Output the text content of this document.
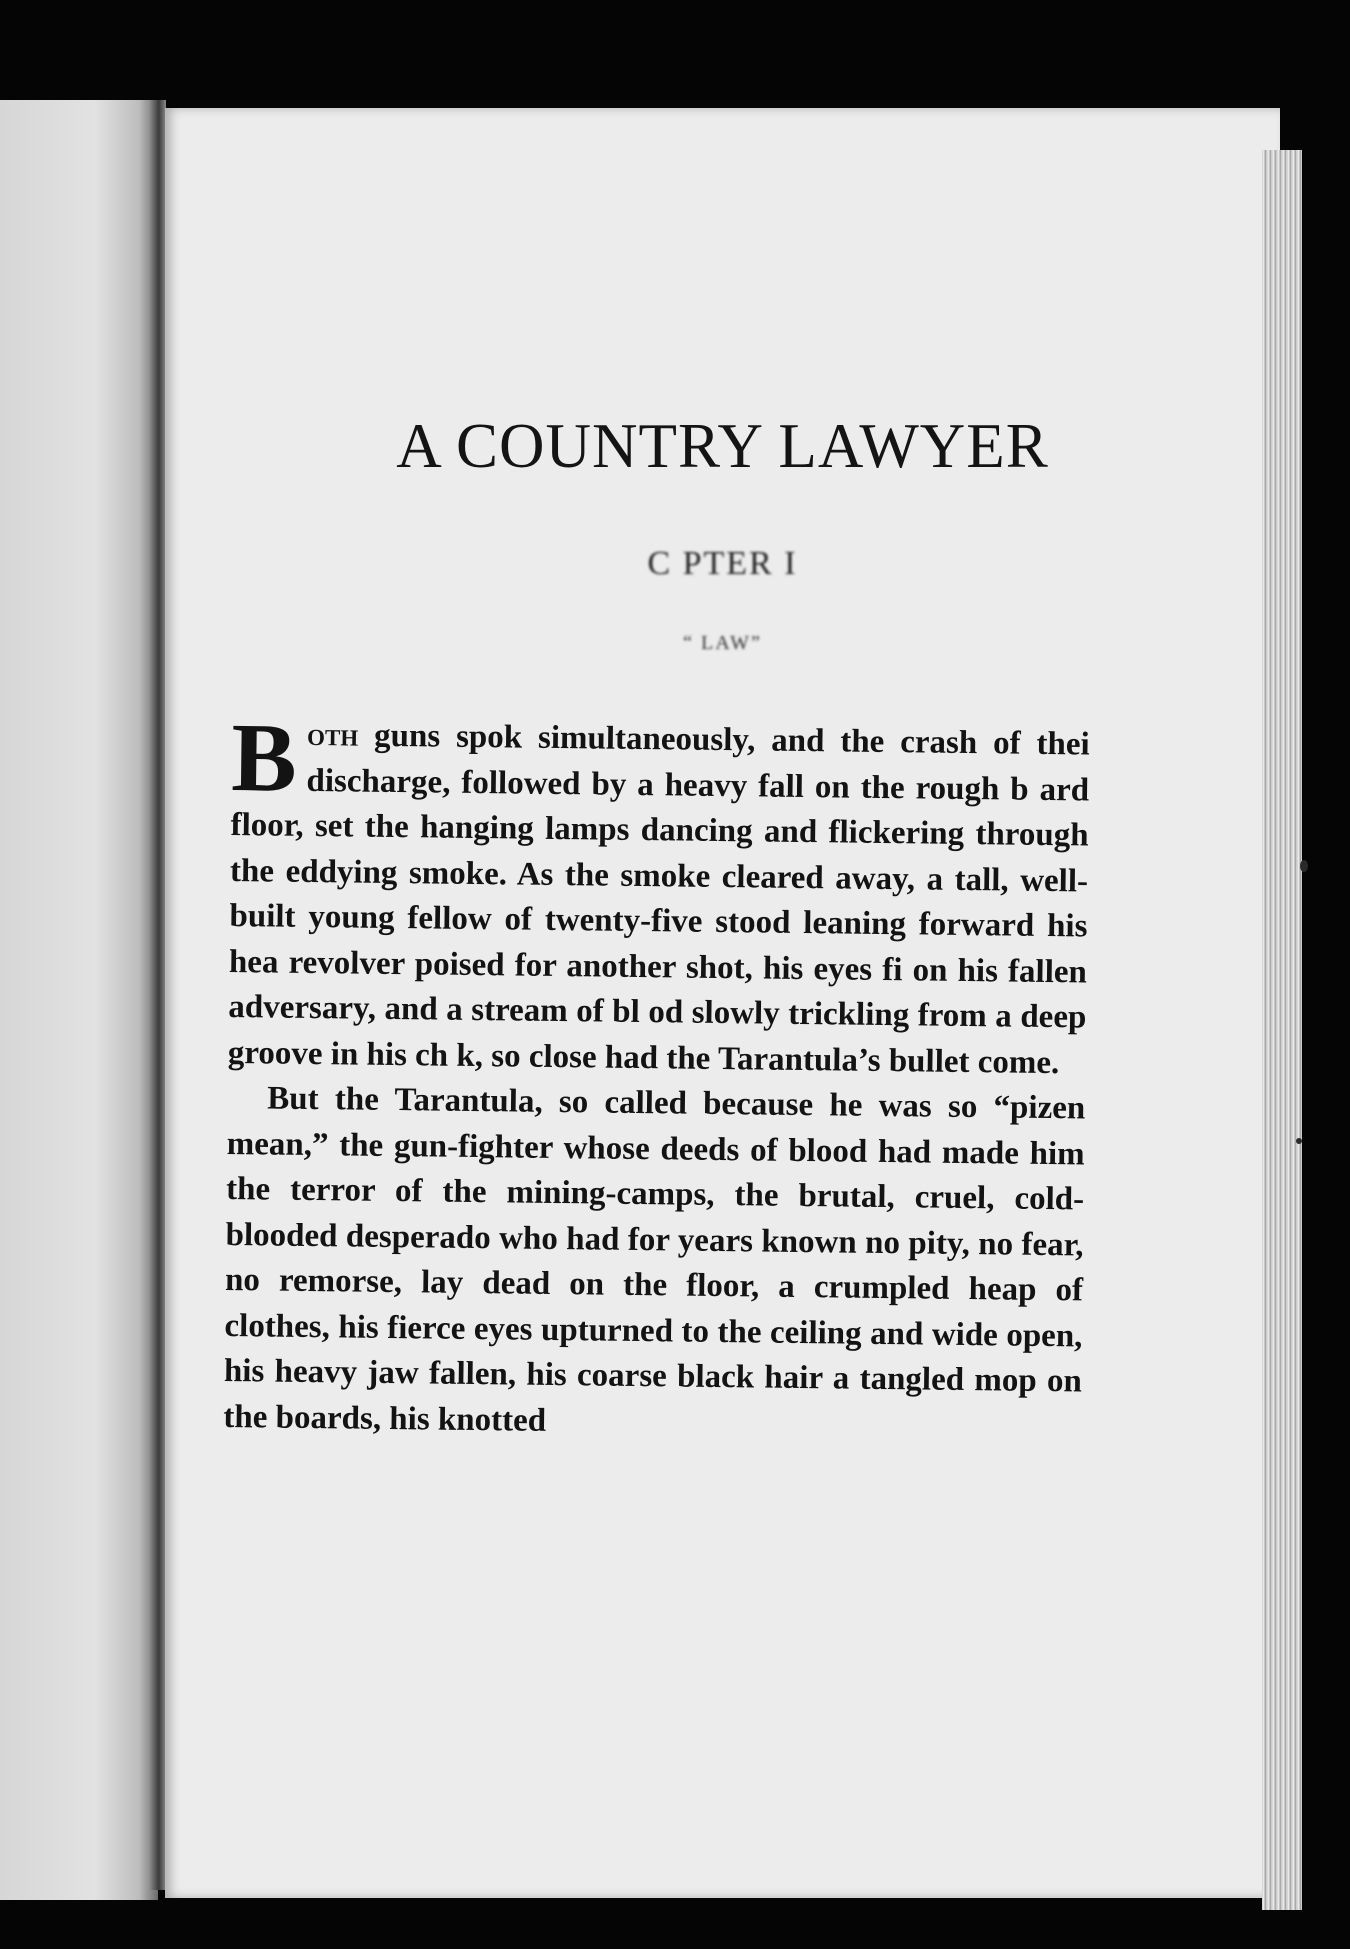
A COUNTRY LAWYER
C PTER I
“ LAW”

Both guns spok simultaneously, and the crash of thei discharge, followed by a heavy fall on the rough b ard floor, set the hanging lamps dancing and flickering through the eddying smoke. As the smoke cleared away, a tall, well-built young fellow of twenty-five stood leaning forward his hea revolver poised for another shot, his eyes fi on his fallen adversary, and a stream of bl od slowly trickling from a deep groove in his ch k, so close had the Tarantula’s bullet come.

But the Tarantula, so called because he was so “pizen mean,” the gun-fighter whose deeds of blood had made him the terror of the mining-camps, the brutal, cruel, cold-blooded desperado who had for years known no pity, no fear, no remorse, lay dead on the floor, a crumpled heap of clothes, his fierce eyes upturned to the ceiling and wide open, his heavy jaw fallen, his coarse black hair a tangled mop on the boards, his knotted
